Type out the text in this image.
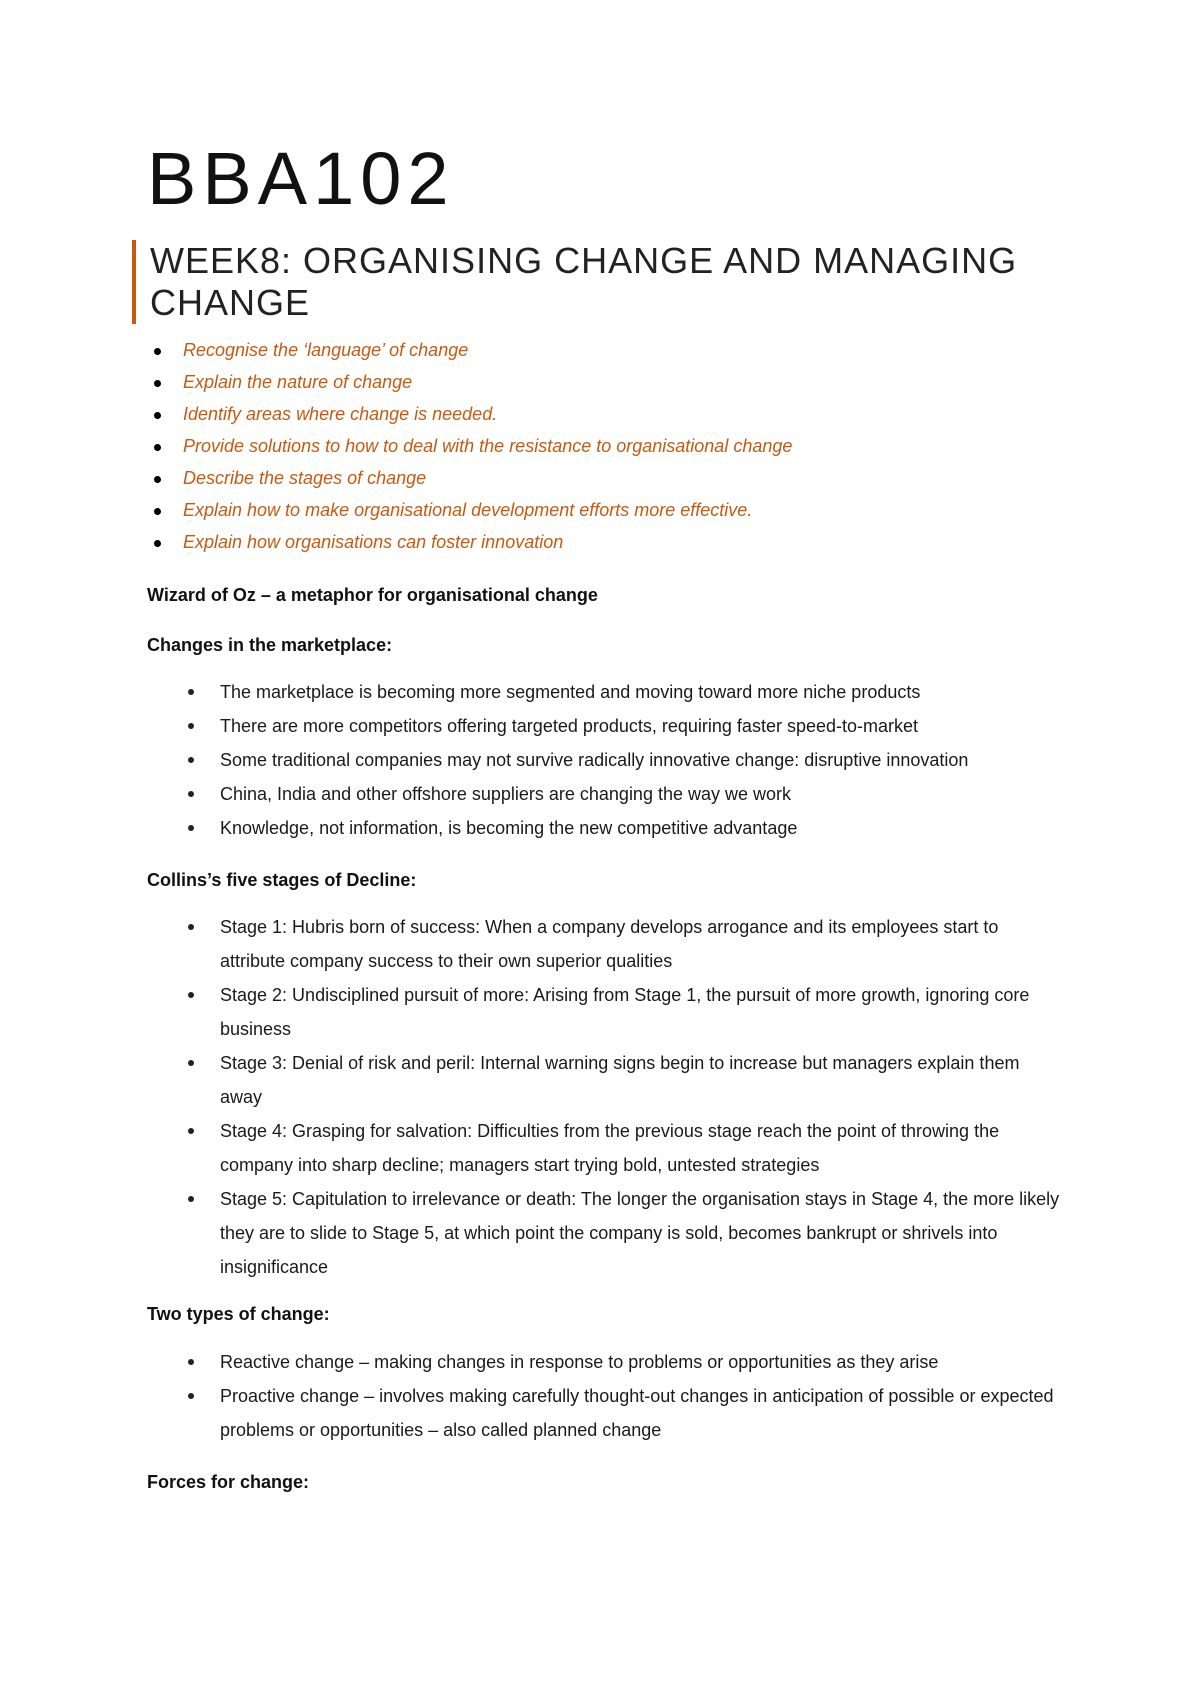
BBA102
WEEK8: ORGANISING CHANGE AND MANAGING CHANGE
Recognise the ‘language’ of change
Explain the nature of change
Identify areas where change is needed.
Provide solutions to how to deal with the resistance to organisational change
Describe the stages of change
Explain how to make organisational development efforts more effective.
Explain how organisations can foster innovation
Wizard of Oz – a metaphor for organisational change
Changes in the marketplace:
The marketplace is becoming more segmented and moving toward more niche products
There are more competitors offering targeted products, requiring faster speed-to-market
Some traditional companies may not survive radically innovative change: disruptive innovation
China, India and other offshore suppliers are changing the way we work
Knowledge, not information, is becoming the new competitive advantage
Collins’s five stages of Decline:
Stage 1: Hubris born of success: When a company develops arrogance and its employees start to attribute company success to their own superior qualities
Stage 2: Undisciplined pursuit of more: Arising from Stage 1, the pursuit of more growth, ignoring core business
Stage 3: Denial of risk and peril: Internal warning signs begin to increase but managers explain them away
Stage 4: Grasping for salvation: Difficulties from the previous stage reach the point of throwing the company into sharp decline; managers start trying bold, untested strategies
Stage 5: Capitulation to irrelevance or death: The longer the organisation stays in Stage 4, the more likely they are to slide to Stage 5, at which point the company is sold, becomes bankrupt or shrivels into insignificance
Two types of change:
Reactive change – making changes in response to problems or opportunities as they arise
Proactive change – involves making carefully thought-out changes in anticipation of possible or expected problems or opportunities – also called planned change
Forces for change:
